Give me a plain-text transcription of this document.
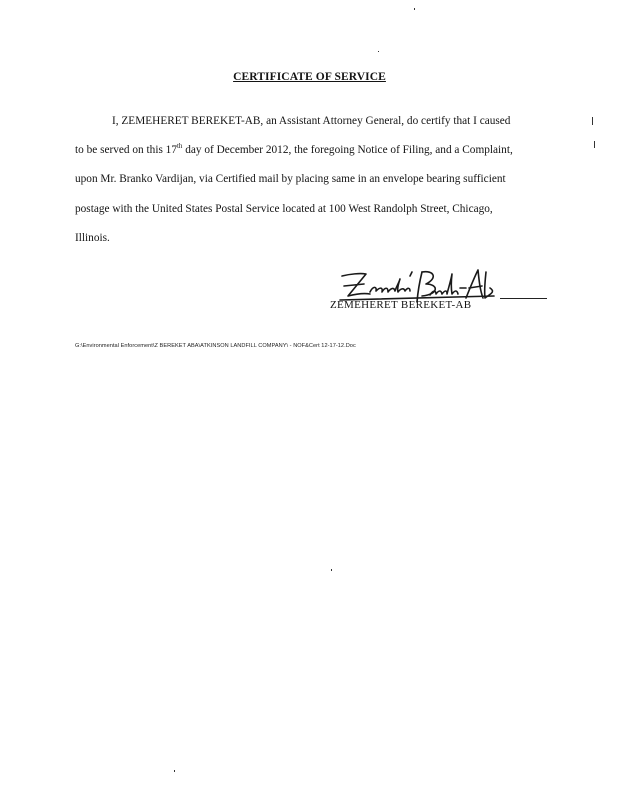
CERTIFICATE OF SERVICE
I, ZEMEHERET BEREKET-AB, an Assistant Attorney General, do certify that I caused
to be served on this 17th day of December 2012, the foregoing Notice of Filing, and a Complaint,
upon Mr. Branko Vardijan, via Certified mail by placing same in an envelope bearing sufficient
postage with the United States Postal Service located at 100 West Randolph Street, Chicago,
Illinois.
ZEMEHERET BEREKET-AB
G:\Environmental Enforcement\Z BEREKET ABA\ATKINSON LANDFILL COMPANY\ - NOF&Cert 12-17-12.Doc
